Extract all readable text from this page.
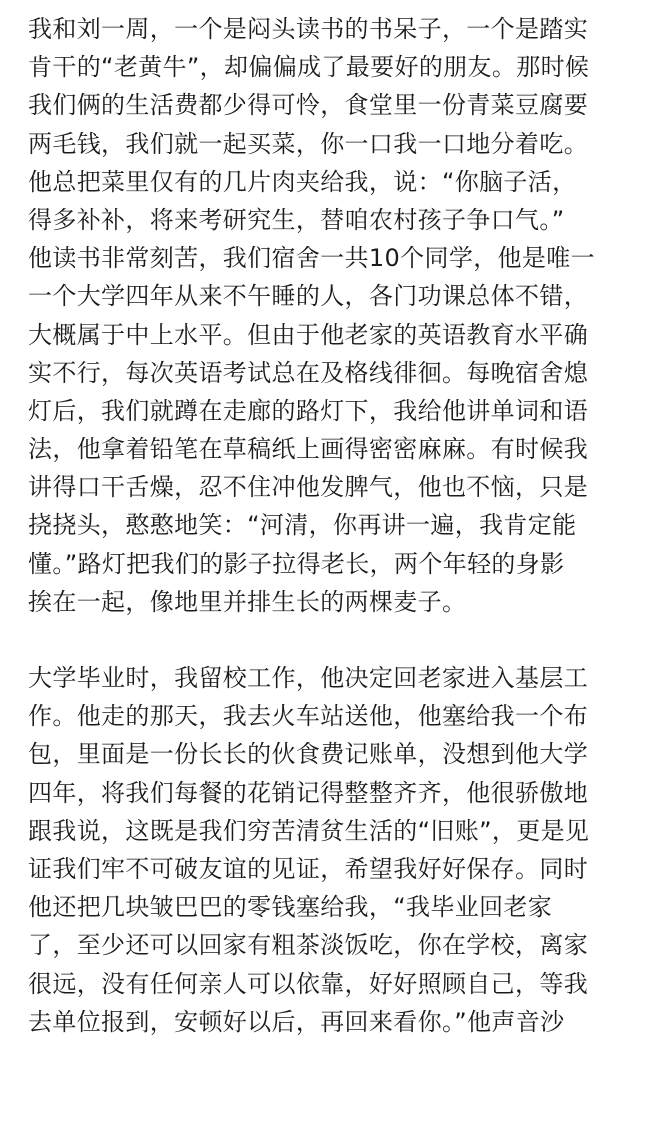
我和刘一周，一个是闷头读书的书呆子，一个是踏实
肯干的“老黄牛”，却偏偏成了最要好的朋友。那时候
我们俩的生活费都少得可怜，食堂里一份青菜豆腐要
两毛钱，我们就一起买菜，你一口我一口地分着吃。
他总把菜里仅有的几片肉夹给我，说：“你脑子活，
得多补补，将来考研究生，替咱农村孩子争口气。”
他读书非常刻苦，我们宿舍一共10个同学，他是唯一
一个大学四年从来不午睡的人，各门功课总体不错，
大概属于中上水平。但由于他老家的英语教育水平确
实不行，每次英语考试总在及格线徘徊。每晚宿舍熄
灯后，我们就蹲在走廊的路灯下，我给他讲单词和语
法，他拿着铅笔在草稿纸上画得密密麻麻。有时候我
讲得口干舌燥，忍不住冲他发脾气，他也不恼，只是
挠挠头，憨憨地笑：“河清，你再讲一遍，我肯定能
懂。”路灯把我们的影子拉得老长，两个年轻的身影
挨在一起，像地里并排生长的两棵麦子。
大学毕业时，我留校工作，他决定回老家进入基层工
作。他走的那天，我去火车站送他，他塞给我一个布
包，里面是一份长长的伙食费记账单，没想到他大学
四年，将我们每餐的花销记得整整齐齐，他很骄傲地
跟我说，这既是我们穷苦清贫生活的“旧账”，更是见
证我们牢不可破友谊的见证，希望我好好保存。同时
他还把几块皱巴巴的零钱塞给我，“我毕业回老家
了，至少还可以回家有粗茶淡饭吃，你在学校，离家
很远，没有任何亲人可以依靠，好好照顾自己，等我
去单位报到，安顿好以后，再回来看你。”他声音沙
